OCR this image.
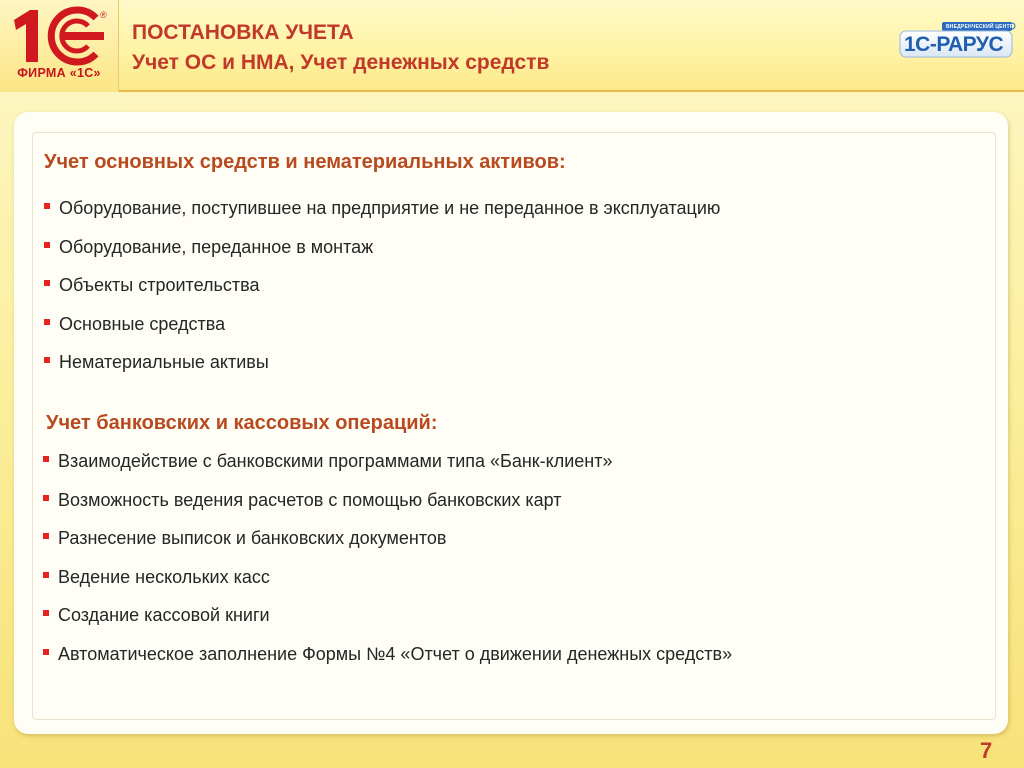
®
ФИРМА «1С»
ПОСТАНОВКА УЧЕТА
Учет ОС и НМА, Учет денежных средств
ВНЕДРЕНЧЕСКИЙ ЦЕНТР
1С-РАРУС
Учет основных средств и нематериальных активов:
Оборудование, поступившее на предприятие и не переданное в эксплуатацию
Оборудование, переданное в монтаж
Объекты строительства
Основные средства
Нематериальные активы
Учет банковских и кассовых операций:
Взаимодействие с банковскими программами типа «Банк-клиент»
Возможность ведения расчетов с помощью банковских карт
Разнесение выписок и банковских документов
Ведение нескольких касс
Создание кассовой книги
Автоматическое заполнение Формы №4 «Отчет о движении денежных средств»
7
